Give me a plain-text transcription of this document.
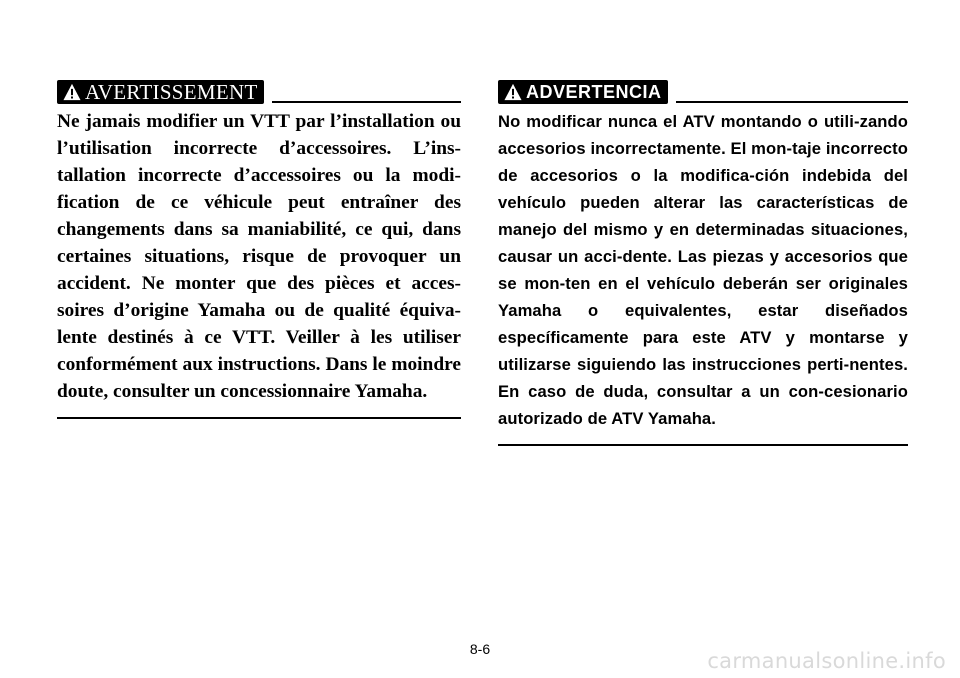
AVERTISSEMENT

Ne jamais modifier un VTT par l’installation ou l’utilisation incorrecte d’accessoires. L’ins-tallation incorrecte d’accessoires ou la modi-fication de ce véhicule peut entraîner des changements dans sa maniabilité, ce qui, dans certaines situations, risque de provoquer un accident. Ne monter que des pièces et acces-soires d’origine Yamaha ou de qualité équiva-lente destinés à ce VTT. Veiller à les utiliser conformément aux instructions. Dans le moindre doute, consulter un concessionnaire Yamaha.

ADVERTENCIA

No modificar nunca el ATV montando o utili-zando accesorios incorrectamente. El mon-taje incorrecto de accesorios o la modifica-ción indebida del vehículo pueden alterar las características de manejo del mismo y en determinadas situaciones, causar un acci-dente. Las piezas y accesorios que se mon-ten en el vehículo deberán ser originales Yamaha o equivalentes, estar diseñados específicamente para este ATV y montarse y utilizarse siguiendo las instrucciones perti-nentes. En caso de duda, consultar a un con-cesionario autorizado de ATV Yamaha.

8-6	carmanualsonline.info
